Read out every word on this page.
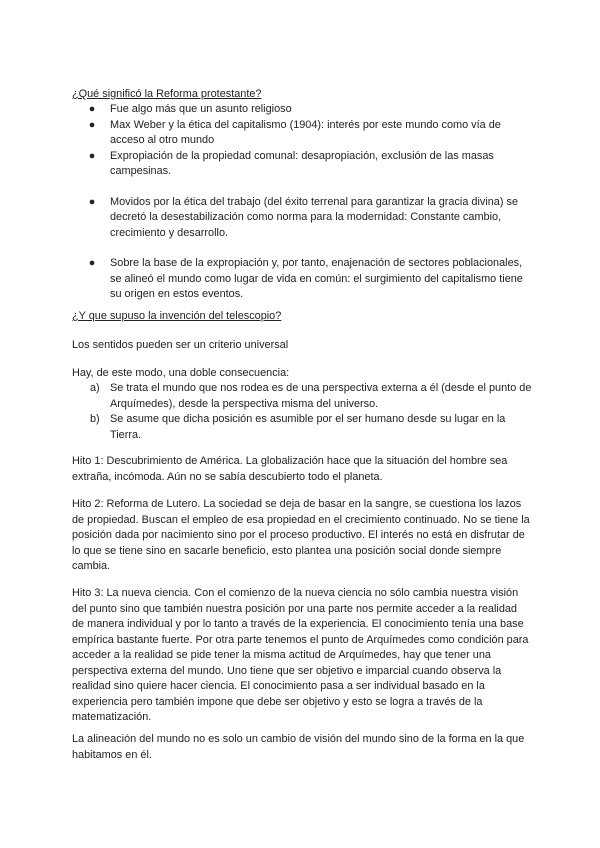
¿Qué significó la Reforma protestante?

● Fue algo más que un asunto religioso
● Max Weber y la ética del capitalismo (1904): interés por este mundo como vía de acceso al otro mundo
● Expropiación de la propiedad comunal: desapropiación, exclusión de las masas campesinas.
● Movidos por la ética del trabajo (del éxito terrenal para garantizar la gracia divina) se decretó la desestabilización como norma para la modernidad: Constante cambio, crecimiento y desarrollo.
● Sobre la base de la expropiación y, por tanto, enajenación de sectores poblacionales, se alineó el mundo como lugar de vida en común: el surgimiento del capitalismo tiene su origen en estos eventos.

¿Y que supuso la invención del telescopio?

Los sentidos pueden ser un criterio universal

Hay, de este modo, una doble consecuencia:

a) Se trata el mundo que nos rodea es de una perspectiva externa a él (desde el punto de Arquímedes), desde la perspectiva misma del universo.
b) Se asume que dicha posición es asumible por el ser humano desde su lugar en la Tierra.

Hito 1: Descubrimiento de América. La globalización hace que la situación del hombre sea extraña, incómoda. Aún no se sabía descubierto todo el planeta.

Hito 2: Reforma de Lutero. La sociedad se deja de basar en la sangre, se cuestiona los lazos de propiedad. Buscan el empleo de esa propiedad en el crecimiento continuado. No se tiene la posición dada por nacimiento sino por el proceso productivo. El interés no está en disfrutar de lo que se tiene sino en sacarle beneficio, esto plantea una posición social donde siempre cambia.

Hito 3: La nueva ciencia. Con el comienzo de la nueva ciencia no sólo cambia nuestra visión del punto sino que también nuestra posición por una parte nos permite acceder a la realidad de manera individual y por lo tanto a través de la experiencia. El conocimiento tenía una base empírica bastante fuerte. Por otra parte tenemos el punto de Arquímedes como condición para acceder a la realidad se pide tener la misma actitud de Arquímedes, hay que tener una perspectiva externa del mundo. Uno tiene que ser objetivo e imparcial cuando observa la realidad sino quiere hacer ciencia. El conocimiento pasa a ser individual basado en la experiencia pero también impone que debe ser objetivo y esto se logra a través de la matematización.

La alineación del mundo no es solo un cambio de visión del mundo sino de la forma en la que habitamos en él.
